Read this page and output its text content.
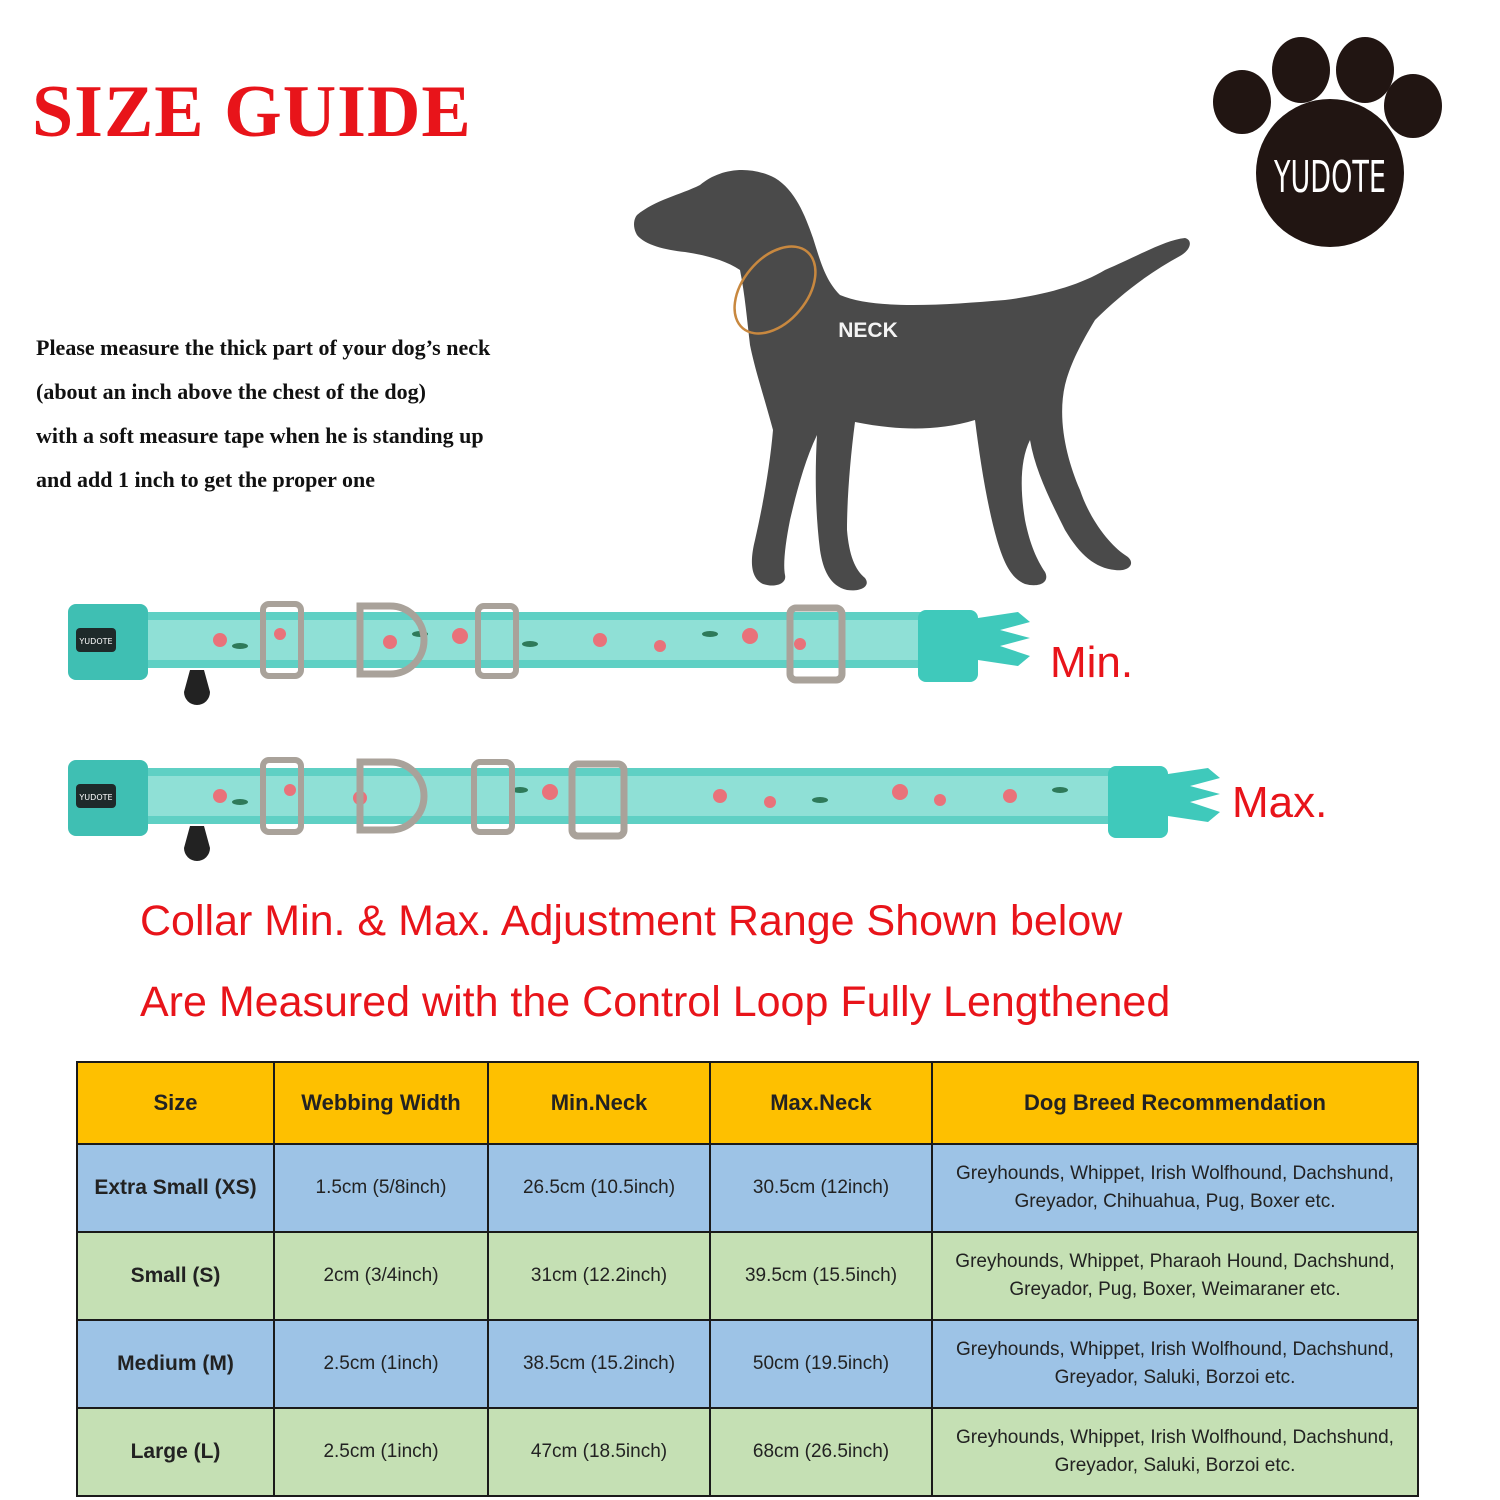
SIZE GUIDE
YUDOTE
Please measure the thick part of your dog’s neck
(about an inch above the chest of the dog)
with a soft measure tape when he is standing up
and add 1 inch to get the proper one
NECK
YUDOTE	Min.
YUDOTE	Max.
Collar Min. & Max. Adjustment Range Shown below
Are Measured with the Control Loop Fully Lengthened
Size	Webbing Width	Min.Neck	Max.Neck	Dog Breed Recommendation
Extra Small (XS)	1.5cm (5/8inch)	26.5cm (10.5inch)	30.5cm (12inch)	Greyhounds, Whippet, Irish Wolfhound, Dachshund,
Greyador, Chihuahua, Pug, Boxer etc.

Small (S)	2cm (3/4inch)	31cm (12.2inch)	39.5cm (15.5inch)	Greyhounds, Whippet, Pharaoh Hound, Dachshund,
Greyador, Pug, Boxer, Weimaraner etc.

Medium (M)	2.5cm (1inch)	38.5cm (15.2inch)	50cm (19.5inch)	Greyhounds, Whippet, Irish Wolfhound, Dachshund,
Greyador, Saluki, Borzoi etc.

Large (L)	2.5cm (1inch)	47cm (18.5inch)	68cm (26.5inch)	Greyhounds, Whippet, Irish Wolfhound, Dachshund,
Greyador, Saluki, Borzoi etc.
